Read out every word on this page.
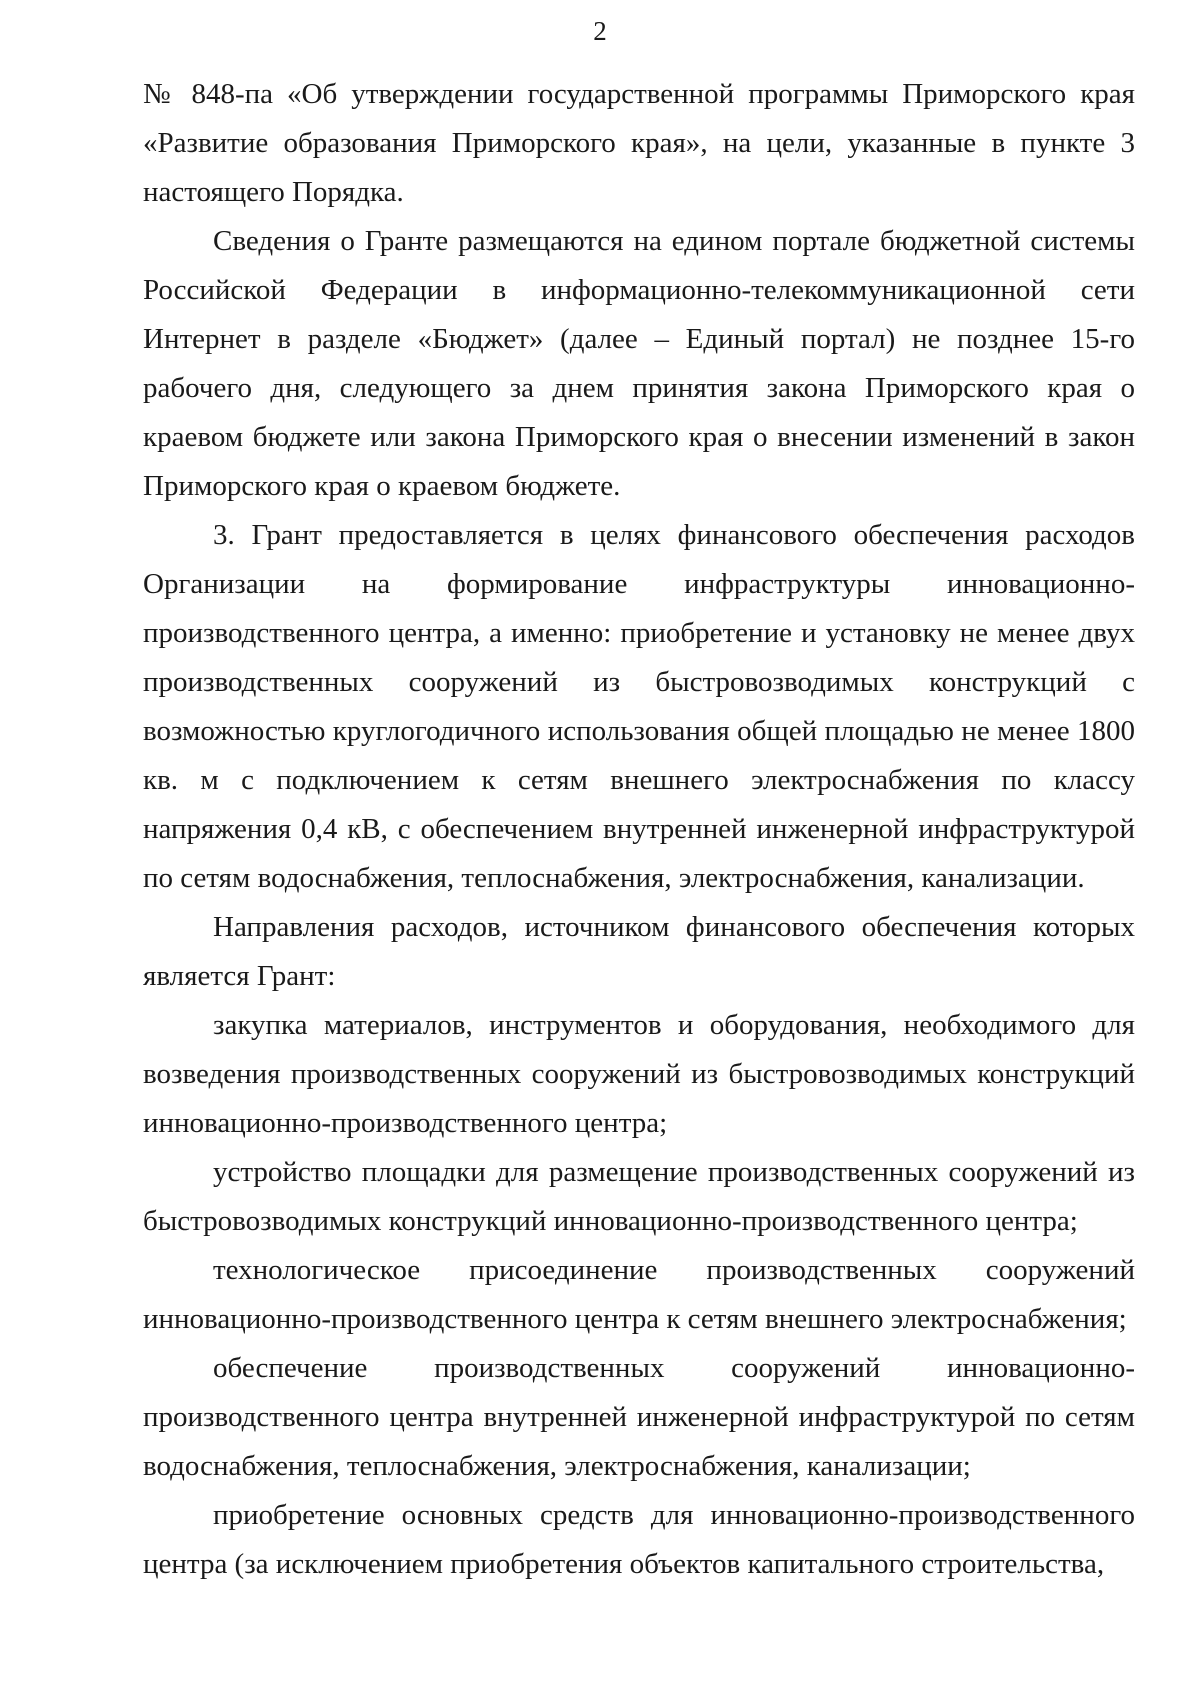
2

№ 848-па «Об утверждении государственной программы Приморского края «Развитие образования Приморского края», на цели, указанные в пункте 3 настоящего Порядка.

Сведения о Гранте размещаются на едином портале бюджетной системы Российской Федерации в информационно-телекоммуникационной сети Интернет в разделе «Бюджет» (далее – Единый портал) не позднее 15-го рабочего дня, следующего за днем принятия закона Приморского края о краевом бюджете или закона Приморского края о внесении изменений в закон Приморского края о краевом бюджете.

3. Грант предоставляется в целях финансового обеспечения расходов Организации на формирование инфраструктуры инновационно-производственного центра, а именно: приобретение и установку не менее двух производственных сооружений из быстровозводимых конструкций с возможностью круглогодичного использования общей площадью не менее 1800 кв. м с подключением к сетям внешнего электроснабжения по классу напряжения 0,4 кВ, с обеспечением внутренней инженерной инфраструктурой по сетям водоснабжения, теплоснабжения, электроснабжения, канализации.

Направления расходов, источником финансового обеспечения которых является Грант:

закупка материалов, инструментов и оборудования, необходимого для возведения производственных сооружений из быстровозводимых конструкций инновационно-производственного центра;

устройство площадки для размещение производственных сооружений из быстровозводимых конструкций инновационно-производственного центра;

технологическое присоединение производственных сооружений инновационно-производственного центра к сетям внешнего электроснабжения;

обеспечение производственных сооружений инновационно-производственного центра внутренней инженерной инфраструктурой по сетям водоснабжения, теплоснабжения, электроснабжения, канализации;

приобретение основных средств для инновационно-производственного центра (за исключением приобретения объектов капитального строительства,
